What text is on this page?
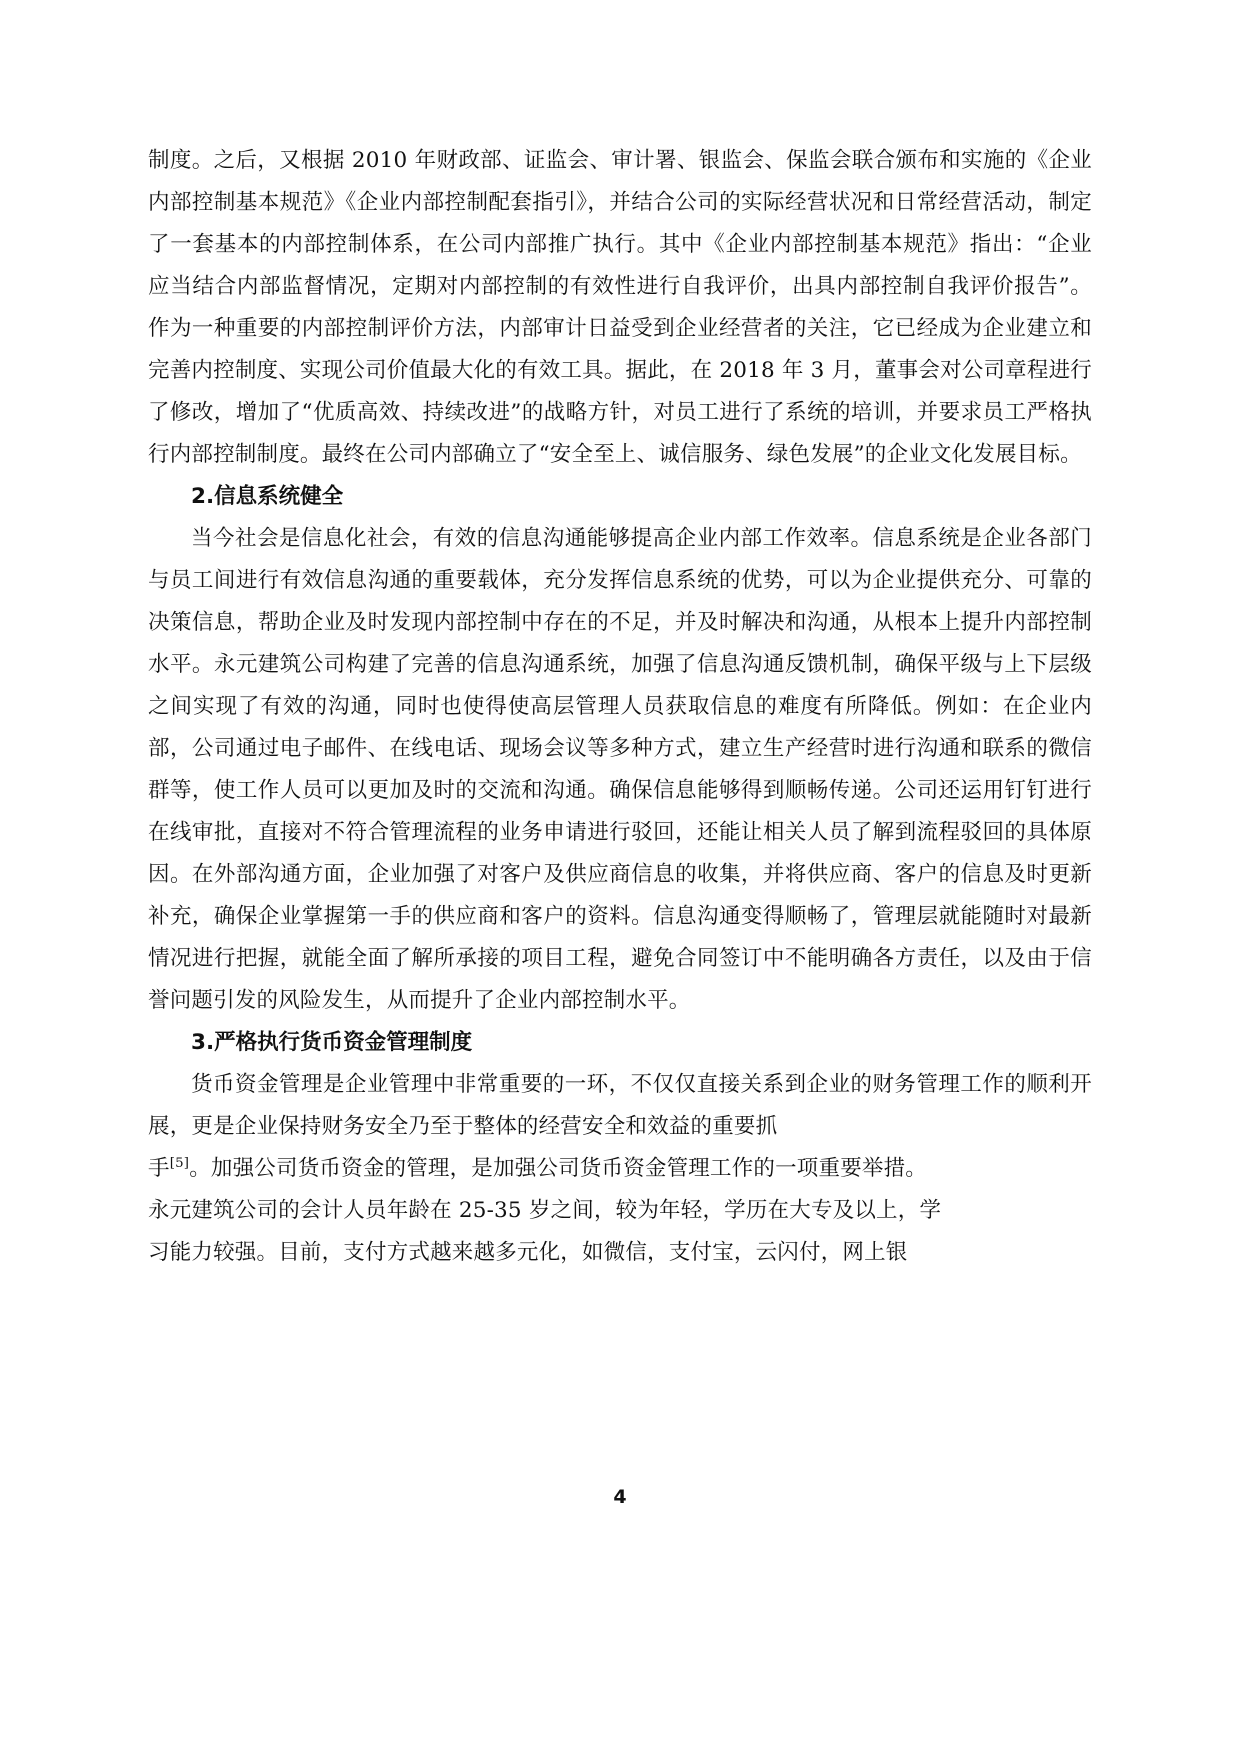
制度。之后，又根据 2010 年财政部、证监会、审计署、银监会、保监会联合颁布和实施的《企业内部控制基本规范》《企业内部控制配套指引》，并结合公司的实际经营状况和日常经营活动，制定了一套基本的内部控制体系，在公司内部推广执行。其中《企业内部控制基本规范》指出：“企业应当结合内部监督情况，定期对内部控制的有效性进行自我评价，出具内部控制自我评价报告”。作为一种重要的内部控制评价方法，内部审计日益受到企业经营者的关注，它已经成为企业建立和完善内控制度、实现公司价值最大化的有效工具。据此，在 2018 年 3 月，董事会对公司章程进行了修改，增加了“优质高效、持续改进”的战略方针，对员工进行了系统的培训，并要求员工严格执行内部控制制度。最终在公司内部确立了“安全至上、诚信服务、绿色发展”的企业文化发展目标。

2.信息系统健全

当今社会是信息化社会，有效的信息沟通能够提高企业内部工作效率。信息系统是企业各部门与员工间进行有效信息沟通的重要载体，充分发挥信息系统的优势，可以为企业提供充分、可靠的决策信息，帮助企业及时发现内部控制中存在的不足，并及时解决和沟通，从根本上提升内部控制水平。永元建筑公司构建了完善的信息沟通系统，加强了信息沟通反馈机制，确保平级与上下层级之间实现了有效的沟通，同时也使得使高层管理人员获取信息的难度有所降低。例如：在企业内部，公司通过电子邮件、在线电话、现场会议等多种方式，建立生产经营时进行沟通和联系的微信群等，使工作人员可以更加及时的交流和沟通。确保信息能够得到顺畅传递。公司还运用钉钉进行在线审批，直接对不符合管理流程的业务申请进行驳回，还能让相关人员了解到流程驳回的具体原因。在外部沟通方面，企业加强了对客户及供应商信息的收集，并将供应商、客户的信息及时更新补充，确保企业掌握第一手的供应商和客户的资料。信息沟通变得顺畅了，管理层就能随时对最新情况进行把握，就能全面了解所承接的项目工程，避免合同签订中不能明确各方责任，以及由于信誉问题引发的风险发生，从而提升了企业内部控制水平。

3.严格执行货币资金管理制度

货币资金管理是企业管理中非常重要的一环，不仅仅直接关系到企业的财务管理工作的顺利开展，更是企业保持财务安全乃至于整体的经营安全和效益的重要抓

手[5]。加强公司货币资金的管理，是加强公司货币资金管理工作的一项重要举措。

永元建筑公司的会计人员年龄在 25-35 岁之间，较为年轻，学历在大专及以上，学

习能力较强。目前，支付方式越来越多元化，如微信，支付宝，云闪付，网上银

4
